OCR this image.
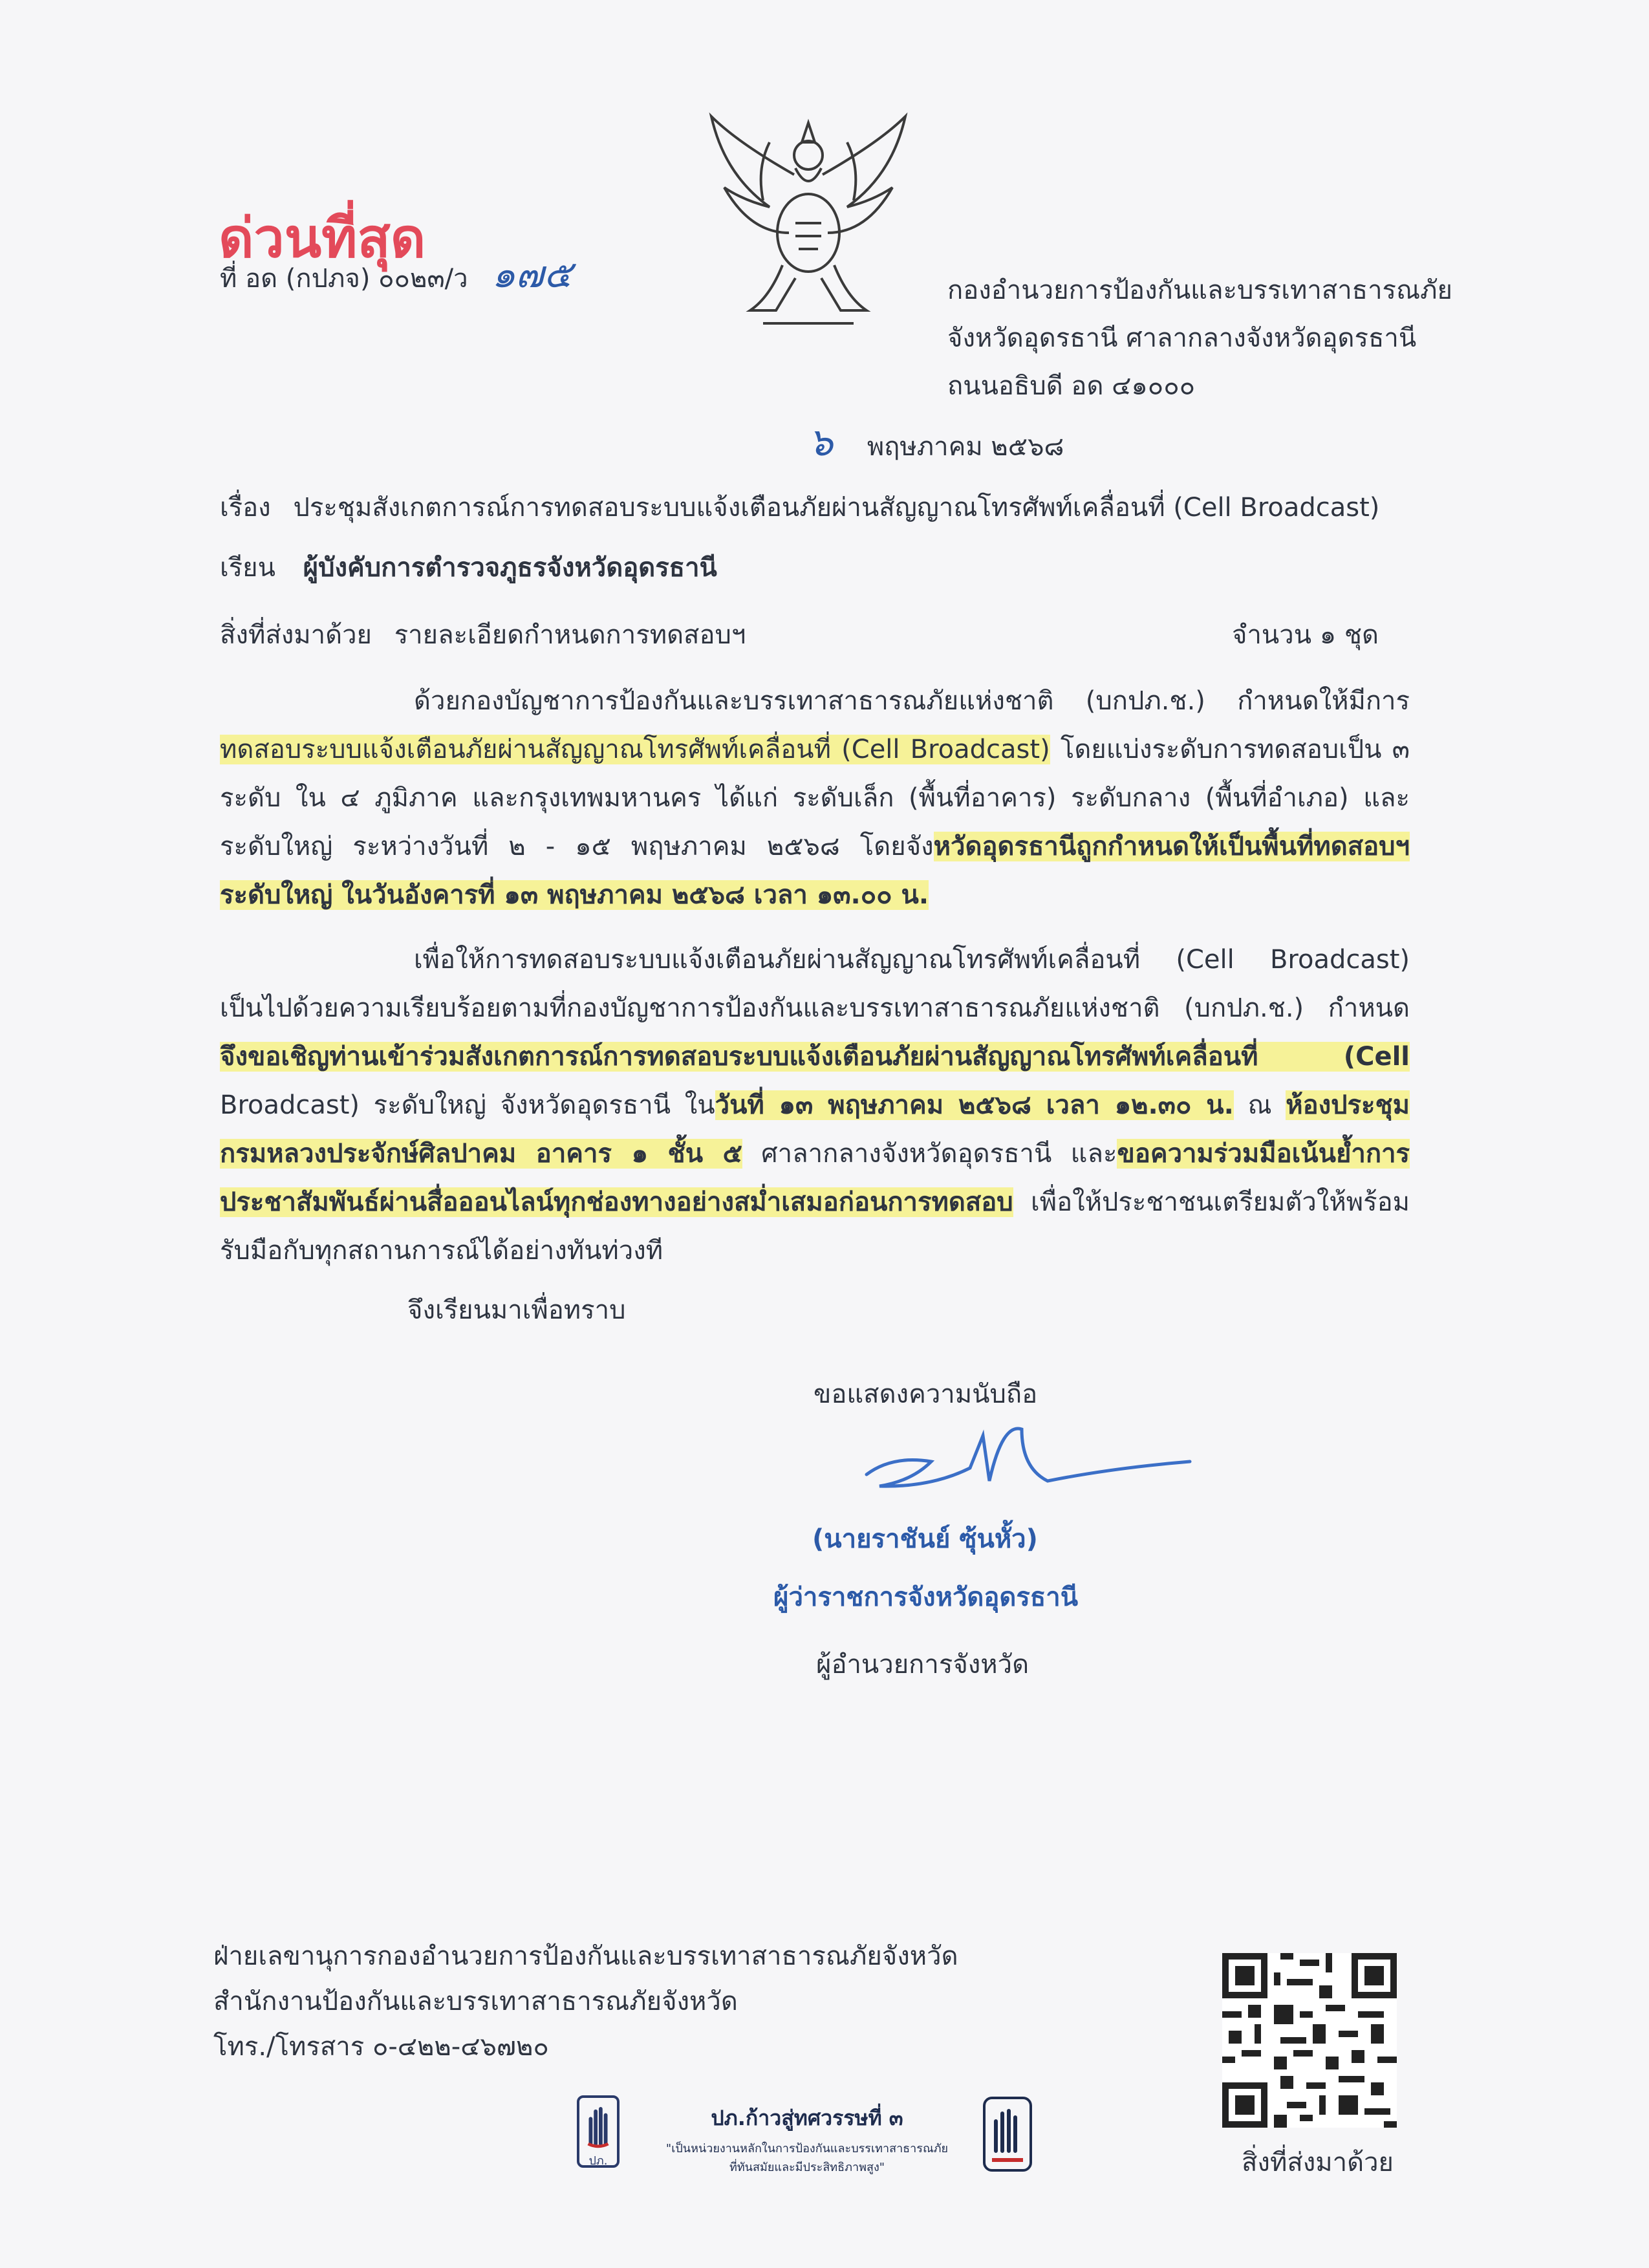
ด่วนที่สุด
ที่ อด (กปภจ) ๐๐๒๓/ว ๑๗๕	กองอำนวยการป้องกันและบรรเทาสาธารณภัย
จังหวัดอุดรธานี ศาลากลางจังหวัดอุดรธานี
ถนนอธิบดี อด ๔๑๐๐๐
๖ พฤษภาคม ๒๕๖๘
เรื่อง ประชุมสังเกตการณ์การทดสอบระบบแจ้งเตือนภัยผ่านสัญญาณโทรศัพท์เคลื่อนที่ (Cell Broadcast)
เรียน ผู้บังคับการตำรวจภูธรจังหวัดอุดรธานี
สิ่งที่ส่งมาด้วย รายละเอียดกำหนดการทดสอบฯ	จำนวน ๑ ชุด
ด้วยกองบัญชาการป้องกันและบรรเทาสาธารณภัยแห่งชาติ (บกปภ.ช.) กำหนดให้มีการ
ทดสอบระบบแจ้งเตือนภัยผ่านสัญญาณโทรศัพท์เคลื่อนที่ (Cell Broadcast) โดยแบ่งระดับการทดสอบเป็น ๓
ระดับ ใน ๔ ภูมิภาค และกรุงเทพมหานคร ได้แก่ ระดับเล็ก (พื้นที่อาคาร) ระดับกลาง (พื้นที่อำเภอ) และ
ระดับใหญ่ ระหว่างวันที่ ๒ - ๑๕ พฤษภาคม ๒๕๖๘ โดยจังหวัดอุดรธานีถูกกำหนดให้เป็นพื้นที่ทดสอบฯ
ระดับใหญ่ ในวันอังคารที่ ๑๓ พฤษภาคม ๒๕๖๘ เวลา ๑๓.๐๐ น.
เพื่อให้การทดสอบระบบแจ้งเตือนภัยผ่านสัญญาณโทรศัพท์เคลื่อนที่ (Cell Broadcast)
เป็นไปด้วยความเรียบร้อยตามที่กองบัญชาการป้องกันและบรรเทาสาธารณภัยแห่งชาติ (บกปภ.ช.) กำหนด
จึงขอเชิญท่านเข้าร่วมสังเกตการณ์การทดสอบระบบแจ้งเตือนภัยผ่านสัญญาณโทรศัพท์เคลื่อนที่ (Cell
Broadcast) ระดับใหญ่ จังหวัดอุดรธานี ในวันที่ ๑๓ พฤษภาคม ๒๕๖๘ เวลา ๑๒.๓๐ น. ณ ห้องประชุม
กรมหลวงประจักษ์ศิลปาคม อาคาร ๑ ชั้น ๕ ศาลากลางจังหวัดอุดรธานี และขอความร่วมมือเน้นย้ำการ
ประชาสัมพันธ์ผ่านสื่อออนไลน์ทุกช่องทางอย่างสม่ำเสมอก่อนการทดสอบ เพื่อให้ประชาชนเตรียมตัวให้พร้อม
รับมือกับทุกสถานการณ์ได้อย่างทันท่วงที
จึงเรียนมาเพื่อทราบ
ขอแสดงความนับถือ
(นายราชันย์ ซุ้นหั้ว)
ผู้ว่าราชการจังหวัดอุดรธานี
ผู้อำนวยการจังหวัด
ฝ่ายเลขานุการกองอำนวยการป้องกันและบรรเทาสาธารณภัยจังหวัด
สำนักงานป้องกันและบรรเทาสาธารณภัยจังหวัด
โทร./โทรสาร ๐-๔๒๒-๔๖๗๒๐
ปภ.
ปภ.ก้าวสู่ทศวรรษที่ ๓
"เป็นหน่วยงานหลักในการป้องกันและบรรเทาสาธารณภัย
ที่ทันสมัยและมีประสิทธิภาพสูง"	สิ่งที่ส่งมาด้วย
